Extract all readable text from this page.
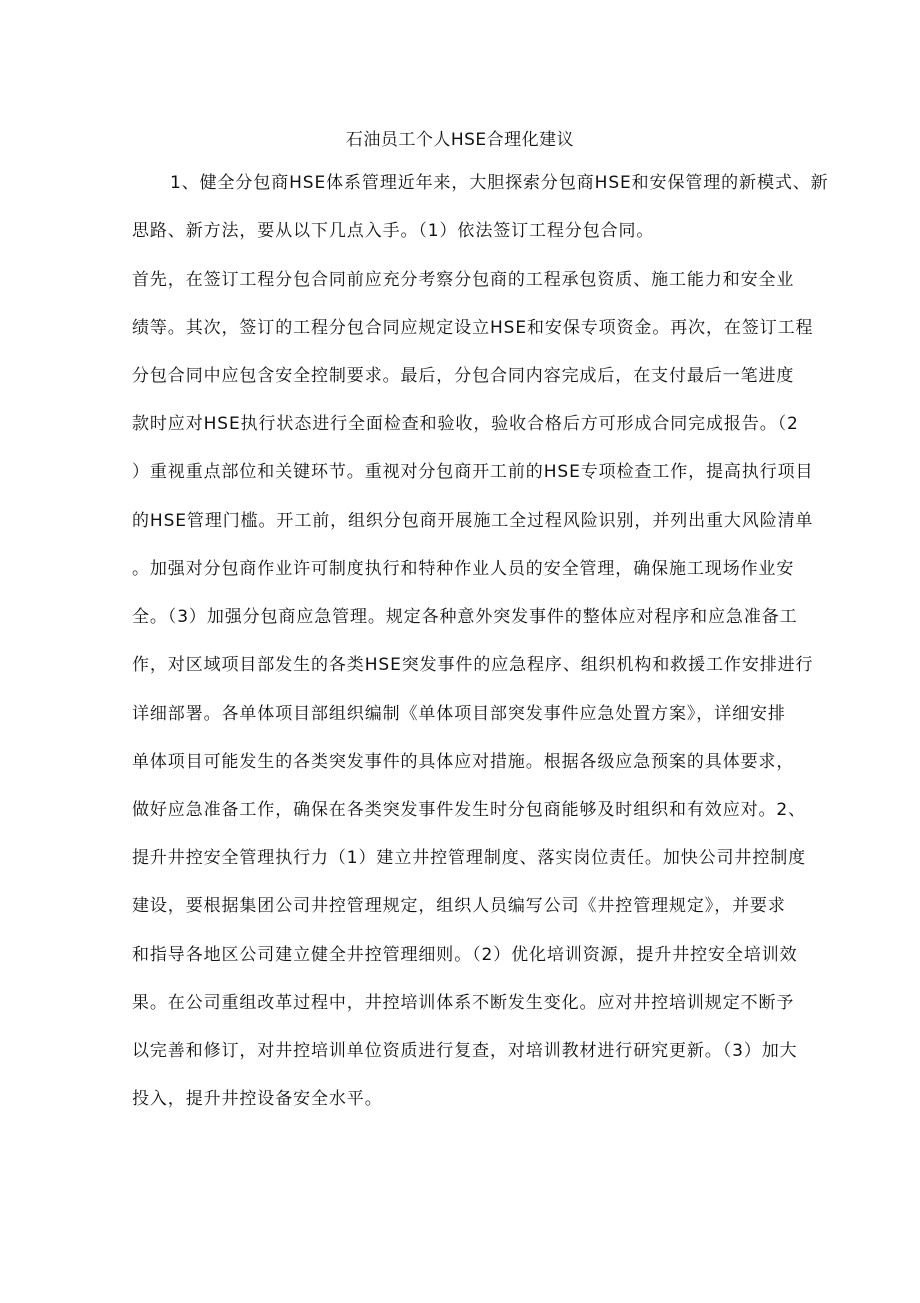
石油员工个人HSE合理化建议
1、健全分包商HSE体系管理近年来，大胆探索分包商HSE和安保管理的新模式、新
思路、新方法，要从以下几点入手。（1）依法签订工程分包合同。
首先，在签订工程分包合同前应充分考察分包商的工程承包资质、施工能力和安全业
绩等。其次，签订的工程分包合同应规定设立HSE和安保专项资金。再次，在签订工程
分包合同中应包含安全控制要求。最后，分包合同内容完成后，在支付最后一笔进度
款时应对HSE执行状态进行全面检查和验收，验收合格后方可形成合同完成报告。（2
）重视重点部位和关键环节。重视对分包商开工前的HSE专项检查工作，提高执行项目
的HSE管理门槛。开工前，组织分包商开展施工全过程风险识别，并列出重大风险清单
。加强对分包商作业许可制度执行和特种作业人员的安全管理，确保施工现场作业安
全。（3）加强分包商应急管理。规定各种意外突发事件的整体应对程序和应急准备工
作，对区域项目部发生的各类HSE突发事件的应急程序、组织机构和救援工作安排进行
详细部署。各单体项目部组织编制《单体项目部突发事件应急处置方案》，详细安排
单体项目可能发生的各类突发事件的具体应对措施。根据各级应急预案的具体要求，
做好应急准备工作，确保在各类突发事件发生时分包商能够及时组织和有效应对。2、
提升井控安全管理执行力（1）建立井控管理制度、落实岗位责任。加快公司井控制度
建设，要根据集团公司井控管理规定，组织人员编写公司《井控管理规定》，并要求
和指导各地区公司建立健全井控管理细则。（2）优化培训资源，提升井控安全培训效
果。在公司重组改革过程中，井控培训体系不断发生变化。应对井控培训规定不断予
以完善和修订，对井控培训单位资质进行复查，对培训教材进行研究更新。（3）加大
投入，提升井控设备安全水平。
